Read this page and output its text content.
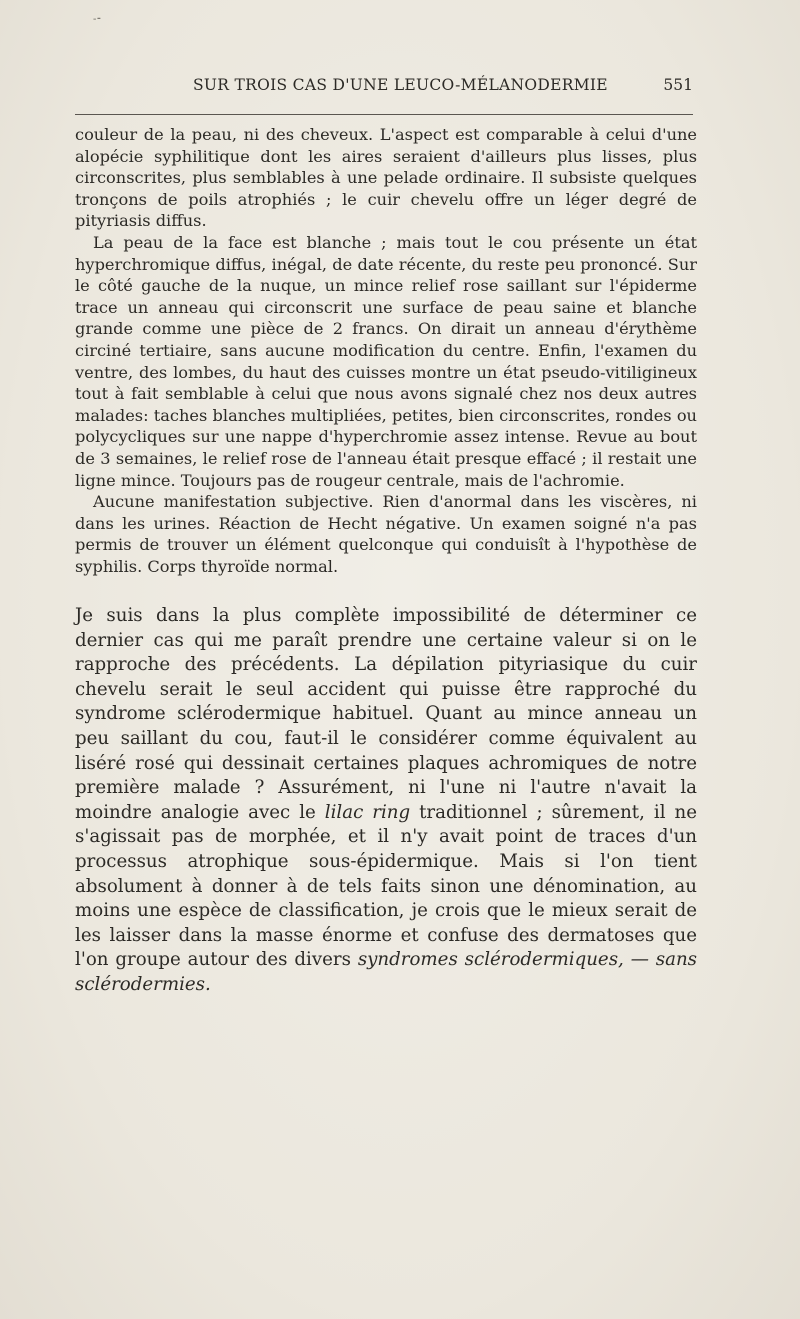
-⁃
SUR TROIS CAS D'UNE LEUCO-MÉLANODERMIE	551

couleur de la peau, ni des cheveux. L'aspect est comparable à celui d'une alopécie syphilitique dont les aires seraient d'ailleurs plus lisses, plus circonscrites, plus semblables à une pelade ordinaire. Il subsiste quelques tronçons de poils atrophiés ; le cuir chevelu offre un léger degré de pityriasis diffus.

La peau de la face est blanche ; mais tout le cou présente un état hyperchromique diffus, inégal, de date récente, du reste peu prononcé. Sur le côté gauche de la nuque, un mince relief rose saillant sur l'épiderme trace un anneau qui circonscrit une surface de peau saine et blanche grande comme une pièce de 2 francs. On dirait un anneau d'érythème circiné tertiaire, sans aucune modification du centre. Enfin, l'examen du ventre, des lombes, du haut des cuisses montre un état pseudo-vitiligineux tout à fait semblable à celui que nous avons signalé chez nos deux autres malades: taches blanches multipliées, petites, bien circonscrites, rondes ou polycycliques sur une nappe d'hyperchromie assez intense. Revue au bout de 3 semaines, le relief rose de l'anneau était presque effacé ; il restait une ligne mince. Toujours pas de rougeur centrale, mais de l'achromie.

Aucune manifestation subjective. Rien d'anormal dans les viscères, ni dans les urines. Réaction de Hecht négative. Un examen soigné n'a pas permis de trouver un élément quelconque qui conduisît à l'hypothèse de syphilis. Corps thyroïde normal.

Je suis dans la plus complète impossibilité de déterminer ce dernier cas qui me paraît prendre une certaine valeur si on le rapproche des précédents. La dépilation pityriasique du cuir chevelu serait le seul accident qui puisse être rapproché du syndrome sclérodermique habituel. Quant au mince anneau un peu saillant du cou, faut-il le considérer comme équivalent au liséré rosé qui dessinait certaines plaques achromiques de notre première malade ? Assurément, ni l'une ni l'autre n'avait la moindre analogie avec le lilac ring traditionnel ; sûrement, il ne s'agissait pas de morphée, et il n'y avait point de traces d'un processus atrophique sous-épidermique. Mais si l'on tient absolument à donner à de tels faits sinon une dénomination, au moins une espèce de classification, je crois que le mieux serait de les laisser dans la masse énorme et confuse des dermatoses que l'on groupe autour des divers syndromes sclérodermiques, — sans sclérodermies.
